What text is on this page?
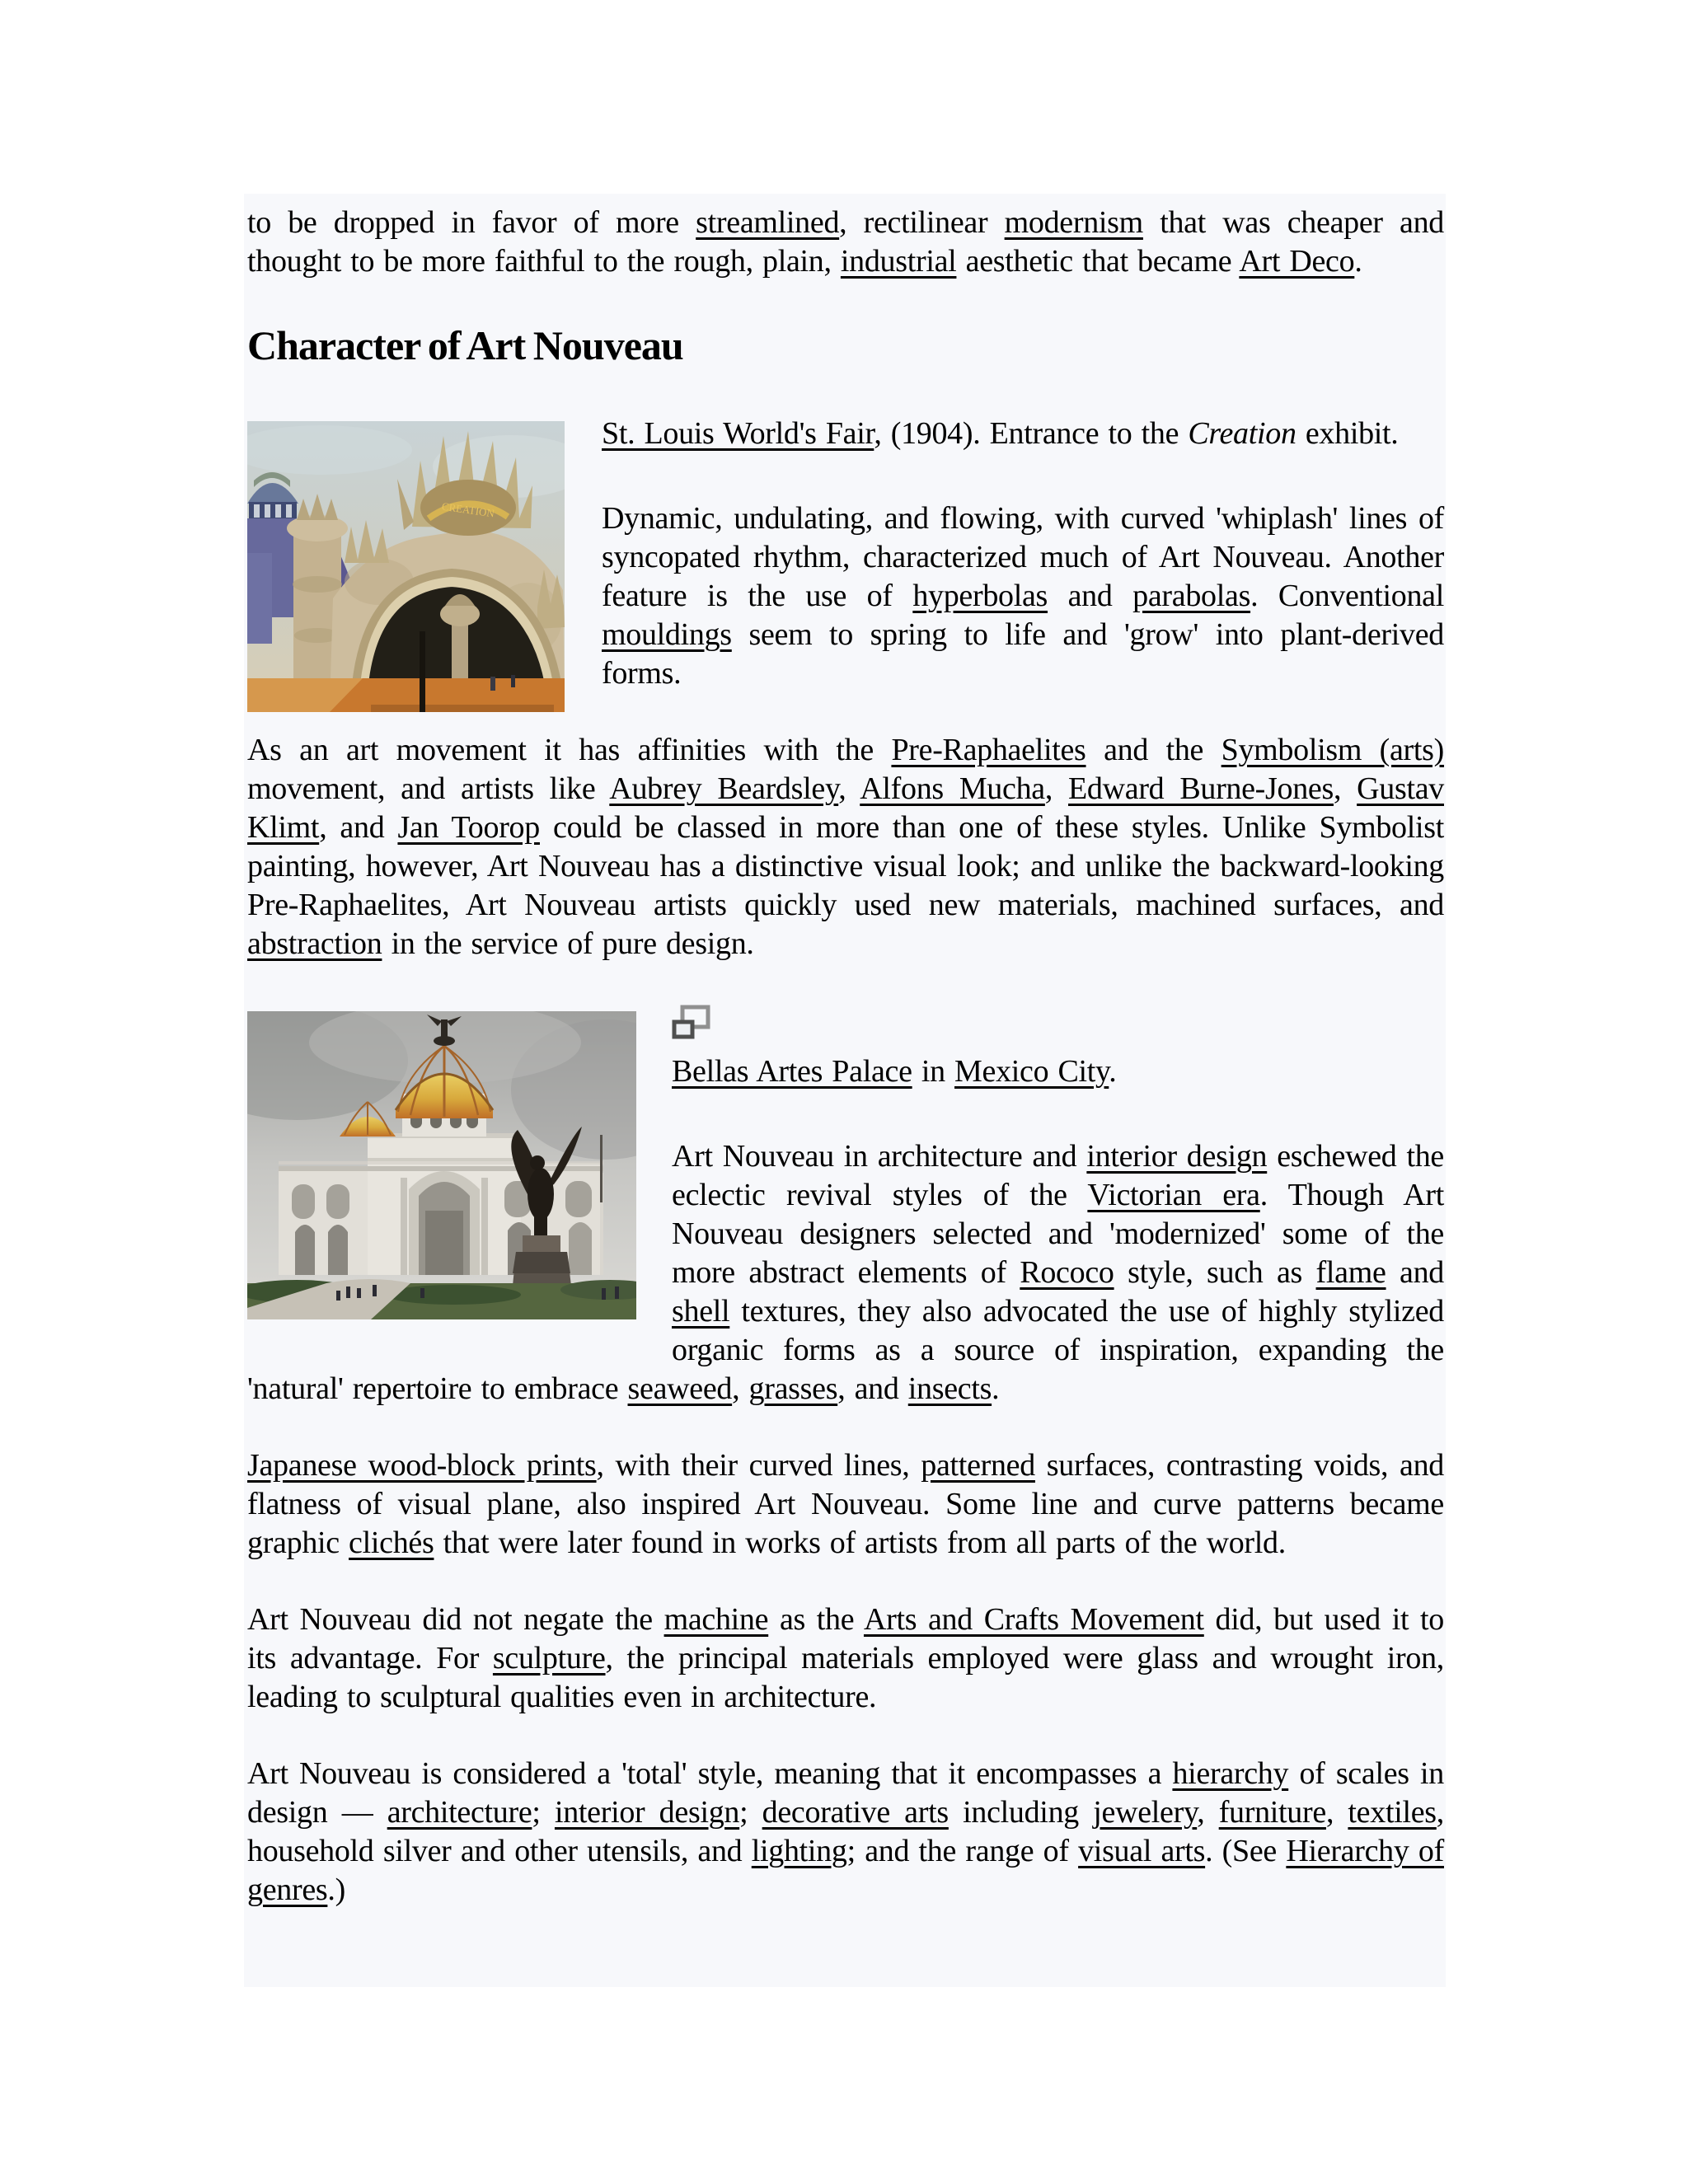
to be dropped in favor of more streamlined, rectilinear modernism that was cheaper and thought to be more faithful to the rough, plain, industrial aesthetic that became Art Deco.

Character of Art Nouveau
CREATION

St. Louis World's Fair, (1904). Entrance to the Creation exhibit.

Dynamic, undulating, and flowing, with curved 'whiplash' lines of syncopated rhythm, characterized much of Art Nouveau. Another feature is the use of hyperbolas and parabolas. Conventional mouldings seem to spring to life and 'grow' into plant-derived forms.

As an art movement it has affinities with the Pre-Raphaelites and the Symbolism (arts) movement, and artists like Aubrey Beardsley, Alfons Mucha, Edward Burne-Jones, Gustav Klimt, and Jan Toorop could be classed in more than one of these styles. Unlike Symbolist painting, however, Art Nouveau has a distinctive visual look; and unlike the backward-looking Pre-Raphaelites, Art Nouveau artists quickly used new materials, machined surfaces, and abstraction in the service of pure design.

Bellas Artes Palace in Mexico City.

Art Nouveau in architecture and interior design eschewed the eclectic revival styles of the Victorian era. Though Art Nouveau designers selected and 'modernized' some of the more abstract elements of Rococo style, such as flame and shell textures, they also advocated the use of highly stylized organic forms as a source of inspiration, expanding the 'natural' repertoire to embrace seaweed, grasses, and insects.

Japanese wood-block prints, with their curved lines, patterned surfaces, contrasting voids, and flatness of visual plane, also inspired Art Nouveau. Some line and curve patterns became graphic clichés that were later found in works of artists from all parts of the world.

Art Nouveau did not negate the machine as the Arts and Crafts Movement did, but used it to its advantage. For sculpture, the principal materials employed were glass and wrought iron, leading to sculptural qualities even in architecture.

Art Nouveau is considered a 'total' style, meaning that it encompasses a hierarchy of scales in design — architecture; interior design; decorative arts including jewelery, furniture, textiles, household silver and other utensils, and lighting; and the range of visual arts. (See Hierarchy of genres.)
